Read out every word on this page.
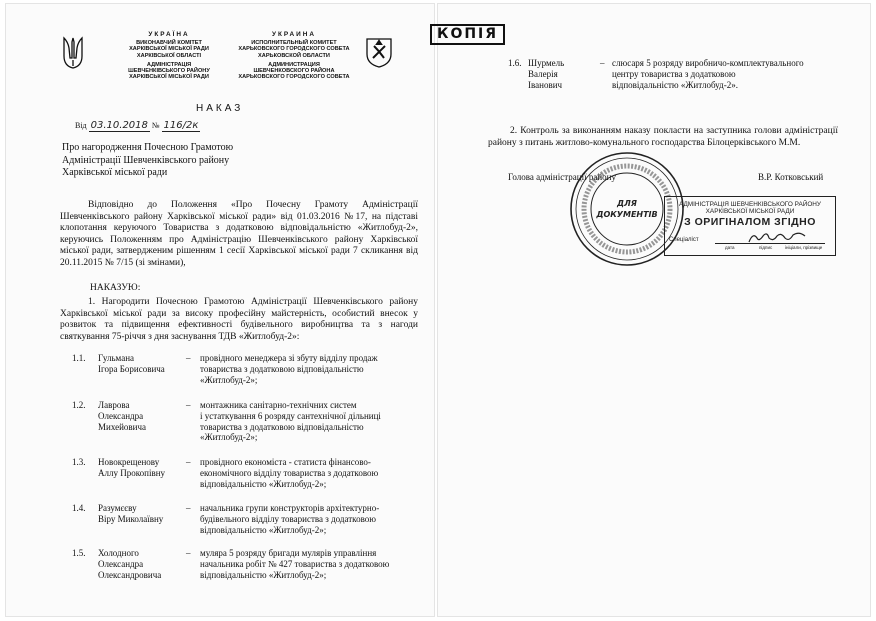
УКРАЇНА
ВИКОНАВЧИЙ КОМІТЕТ
ХАРКІВСЬКОЇ МІСЬКОЇ РАДИ
ХАРКІВСЬКОЇ ОБЛАСТІ
АДМІНІСТРАЦІЯ
ШЕВЧЕНКІВСЬКОГО РАЙОНУ
ХАРКІВСЬКОЇ МІСЬКОЇ РАДИ
УКРАИНА
ИСПОЛНИТЕЛЬНЫЙ КОМИТЕТ
ХАРЬКОВСКОГО ГОРОДСКОГО СОВЕТА
ХАРЬКОВСКОЙ ОБЛАСТИ
АДМИНИСТРАЦИЯ
ШЕВЧЕНКОВСКОГО РАЙОНА
ХАРЬКОВСКОГО ГОРОДСКОГО СОВЕТА
НАКАЗ
Від 03.10.2018 № 116/2к
Про нагородження Почесною Грамотою
Адміністрації Шевченківського району
Харківської міської ради
Відповідно до Положення «Про Почесну Грамоту Адміністрації Шевченківського району Харківської міської ради» від 01.03.2016 №17, на підставі клопотання керуючого Товариства з додатковою відповідальністю «Житлобуд-2», керуючись Положенням про Адміністрацію Шевченківського району Харківської міської ради, затвердженим рішенням 1 сесії Харківської міської ради 7 скликання від 20.11.2015 № 7/15 (зі змінами),
НАКАЗУЮ:
1. Нагородити Почесною Грамотою Адміністрації Шевченківського району Харківської міської ради за високу професійну майстерність, особистий внесок у розвиток та підвищення ефективності будівельного виробництва та з нагоди святкування 75-річчя з дня заснування ТДВ «Житлобуд-2»:
1.1. Гульмана
Ігора Борисовича
– провідного менеджера зі збуту відділу продаж
товариства з додатковою відповідальністю
«Житлобуд-2»;
1.2. Лаврова
Олександра
Михейовича
– монтажника санітарно-технічних систем
і устаткування 6 розряду сантехнічної дільниці
товариства з додатковою відповідальністю
«Житлобуд-2»;
1.3. Новокрещенову
Аллу Прокопівну
– провідного економіста - статиста фінансово-
економічного відділу товариства з додатковою
відповідальністю «Житлобуд-2»;
1.4. Разумєєву
Віру Миколаївну
– начальника групи конструкторів архітектурно-
будівельного відділу товариства з додатковою
відповідальністю «Житлобуд-2»;
1.5. Холодного
Олександра
Олександровича
– муляра 5 розряду бригади мулярів управління
начальника робіт № 427 товариства з додатковою
відповідальністю «Житлобуд-2»;
КОПІЯ
1.6. Шурмель
Валерія
Іванович
– слюсаря 5 розряду виробничо-комплектувального
центру товариства з додатковою
відповідальністю «Житлобуд-2».
2. Контроль за виконанням наказу покласти на заступника голови адміністрації району з питань житлово-комунального господарства Білоцерківського М.М.
Голова адміністрації району	В.Р. Котковський
ДЛЯ
ДОКУМЕНТІВ
АДМІНІСТРАЦІЯ ШЕВЧЕНКІВСЬКОГО РАЙОНУ
ХАРКІВСЬКОЇ МІСЬКОЇ РАДИ
З ОРИГІНАЛОМ ЗГІДНО
Спеціаліст
дата	підпис	ініціали, прізвище
